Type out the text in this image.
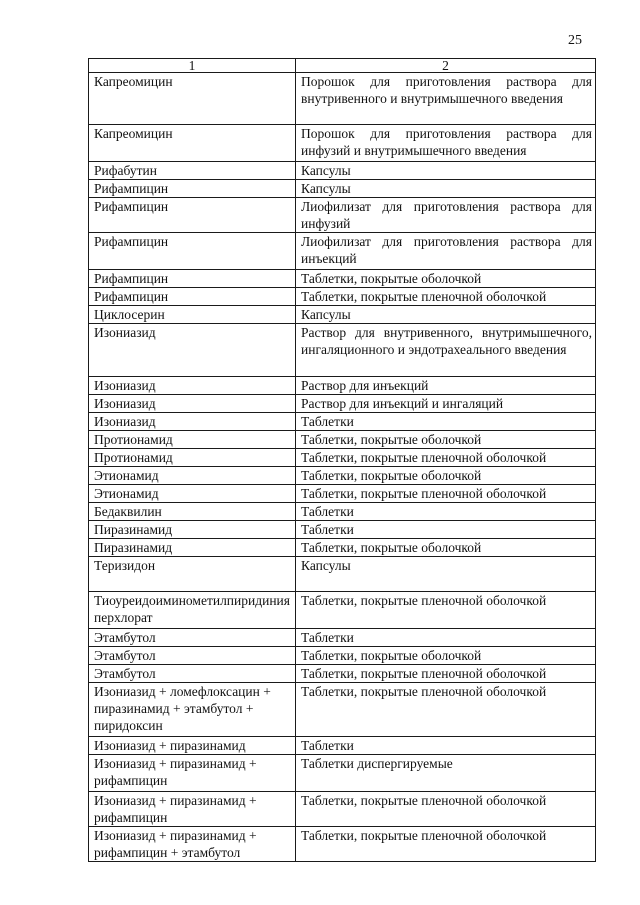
25
1	2
Капреомицин	Порошок для приготовления раствора для внутривенного и внутримышечного введения
Капреомицин	Порошок для приготовления раствора для инфузий и внутримышечного введения
Рифабутин	Капсулы
Рифампицин	Капсулы
Рифампицин	Лиофилизат для приготовления раствора для инфузий
Рифампицин	Лиофилизат для приготовления раствора для инъекций
Рифампицин	Таблетки, покрытые оболочкой
Рифампицин	Таблетки, покрытые пленочной оболочкой
Циклосерин	Капсулы
Изониазид	Раствор для внутривенного, внутримышечного, ингаляционного и эндотрахеального введения
Изониазид	Раствор для инъекций
Изониазид	Раствор для инъекций и ингаляций
Изониазид	Таблетки
Протионамид	Таблетки, покрытые оболочкой
Протионамид	Таблетки, покрытые пленочной оболочкой
Этионамид	Таблетки, покрытые оболочкой
Этионамид	Таблетки, покрытые пленочной оболочкой
Бедаквилин	Таблетки
Пиразинамид	Таблетки
Пиразинамид	Таблетки, покрытые оболочкой
Теризидон	Капсулы
Тиоуреидоиминометилпиридиния перхлорат	Таблетки, покрытые пленочной оболочкой
Этамбутол	Таблетки
Этамбутол	Таблетки, покрытые оболочкой
Этамбутол	Таблетки, покрытые пленочной оболочкой
Изониазид + ломефлоксацин + пиразинамид + этамбутол + пиридоксин	Таблетки, покрытые пленочной оболочкой
Изониазид + пиразинамид	Таблетки
Изониазид + пиразинамид + рифампицин	Таблетки диспергируемые
Изониазид + пиразинамид + рифампицин	Таблетки, покрытые пленочной оболочкой
Изониазид + пиразинамид + рифампицин + этамбутол	Таблетки, покрытые пленочной оболочкой
